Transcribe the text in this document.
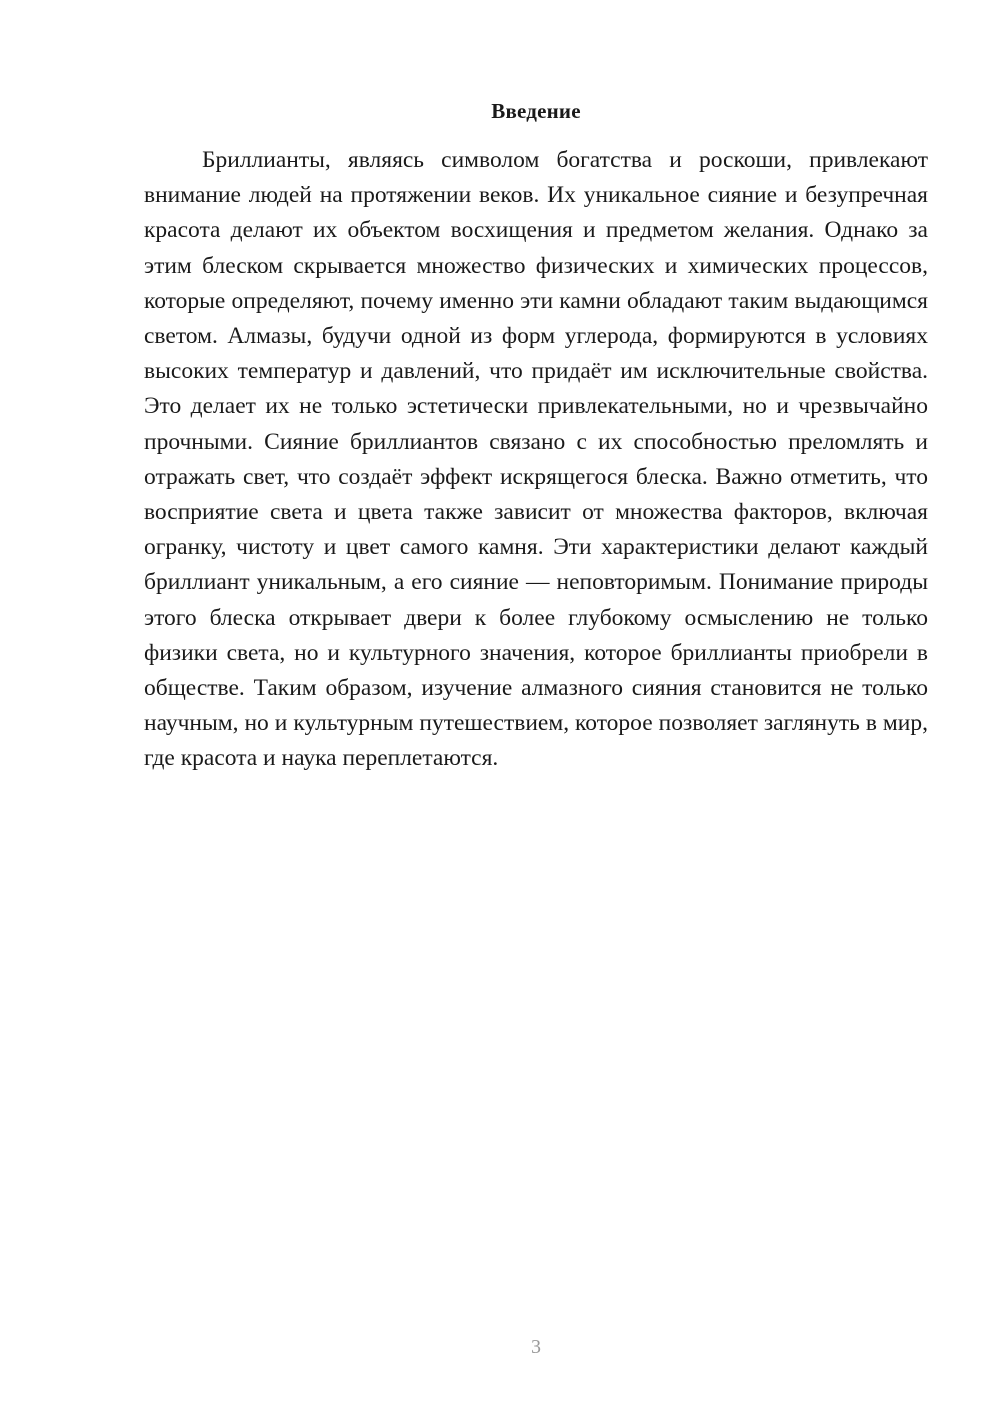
Введение

Бриллианты, являясь символом богатства и роскоши, привлекают внимание людей на протяжении веков. Их уникальное сияние и безупречная красота делают их объектом восхищения и предметом желания. Однако за этим блеском скрывается множество физических и химических процессов, которые определяют, почему именно эти камни обладают таким выдающимся светом. Алмазы, будучи одной из форм углерода, формируются в условиях высоких температур и давлений, что придаёт им исключительные свойства. Это делает их не только эстетически привлекательными, но и чрезвычайно прочными. Сияние бриллиантов связано с их способностью преломлять и отражать свет, что создаёт эффект искрящегося блеска. Важно отметить, что восприятие света и цвета также зависит от множества факторов, включая огранку, чистоту и цвет самого камня. Эти характеристики делают каждый бриллиант уникальным, а его сияние — неповторимым. Понимание природы этого блеска открывает двери к более глубокому осмыслению не только физики света, но и культурного значения, которое бриллианты приобрели в обществе. Таким образом, изучение алмазного сияния становится не только научным, но и культурным путешествием, которое позволяет заглянуть в мир, где красота и наука переплетаются.

3
